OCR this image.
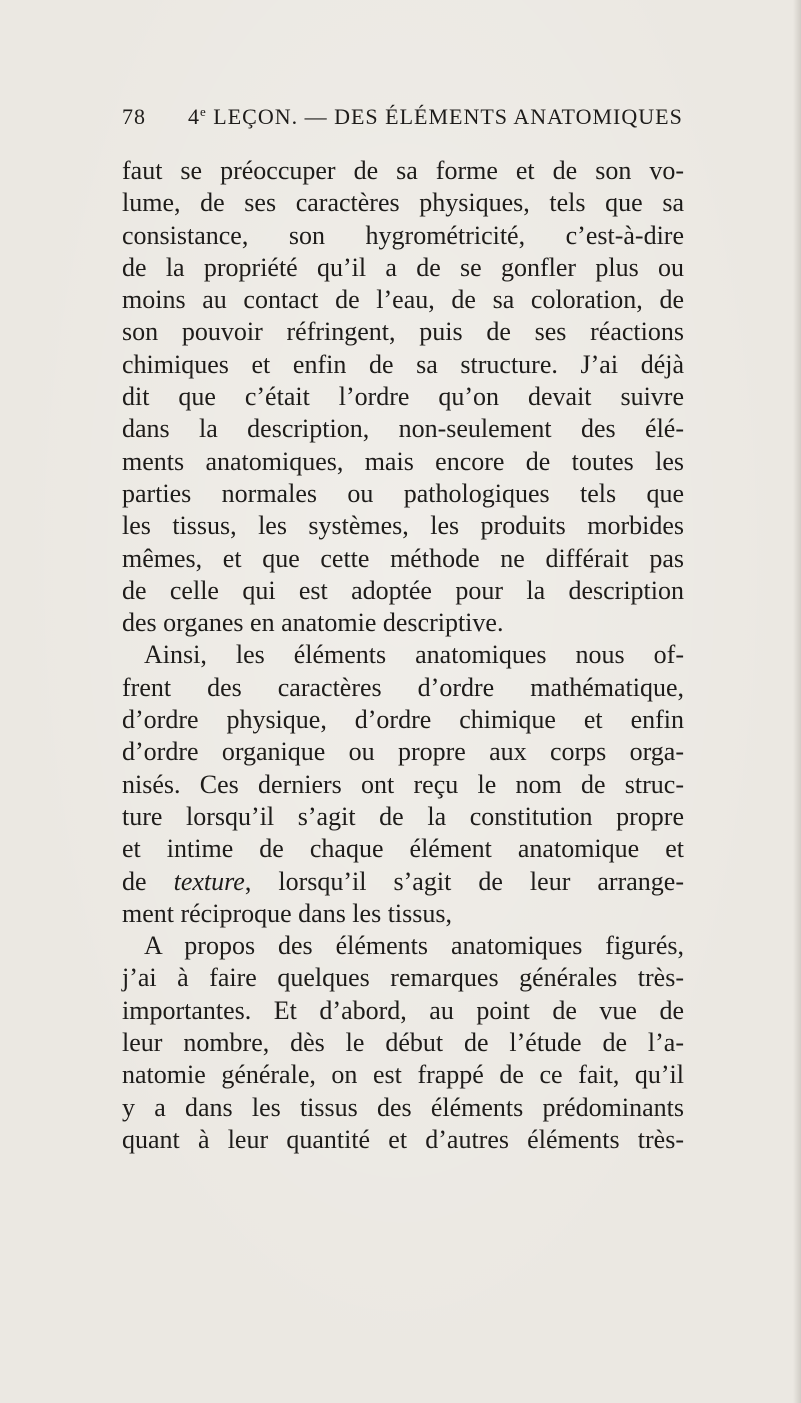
78 4e LEÇON. — DES ÉLÉMENTS ANATOMIQUES
faut se préoccuper de sa forme et de son vo-
lume, de ses caractères physiques, tels que sa
consistance, son hygrométricité, c’est-à-dire
de la propriété qu’il a de se gonfler plus ou
moins au contact de l’eau, de sa coloration, de
son pouvoir réfringent, puis de ses réactions
chimiques et enfin de sa structure. J’ai déjà
dit que c’était l’ordre qu’on devait suivre
dans la description, non-seulement des élé-
ments anatomiques, mais encore de toutes les
parties normales ou pathologiques tels que
les tissus, les systèmes, les produits morbides
mêmes, et que cette méthode ne différait pas
de celle qui est adoptée pour la description
des organes en anatomie descriptive.
Ainsi, les éléments anatomiques nous of-
frent des caractères d’ordre mathématique,
d’ordre physique, d’ordre chimique et enfin
d’ordre organique ou propre aux corps orga-
nisés. Ces derniers ont reçu le nom de struc-
ture lorsqu’il s’agit de la constitution propre
et intime de chaque élément anatomique et
de texture, lorsqu’il s’agit de leur arrange-
ment réciproque dans les tissus,
A propos des éléments anatomiques figurés,
j’ai à faire quelques remarques générales très-
importantes. Et d’abord, au point de vue de
leur nombre, dès le début de l’étude de l’a-
natomie générale, on est frappé de ce fait, qu’il
y a dans les tissus des éléments prédominants
quant à leur quantité et d’autres éléments très-
